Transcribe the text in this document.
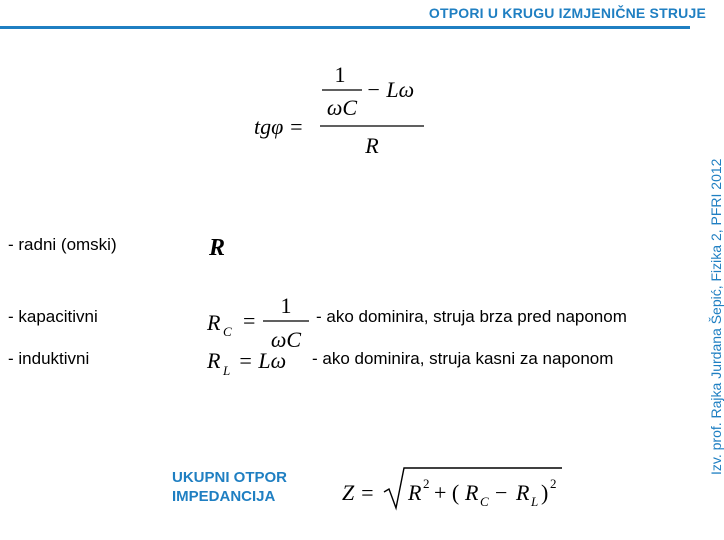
OTPORI U KRUGU IZMJENIČNE STRUJE
Izv. prof. Rajka Jurdana Šepić, Fizika 2, PFRI 2012
tgφ =
1
ωC
− Lω
R
- radni (omski)	R
- kapacitivni	R C =
1
ωC
- ako dominira, struja brza pred naponom
- induktivni	R L = Lω - ako dominira, struja kasni za naponom
UKUPNI OTPOR
IMPEDANCIJA	Z = R 2 + ( R C − R L ) 2
